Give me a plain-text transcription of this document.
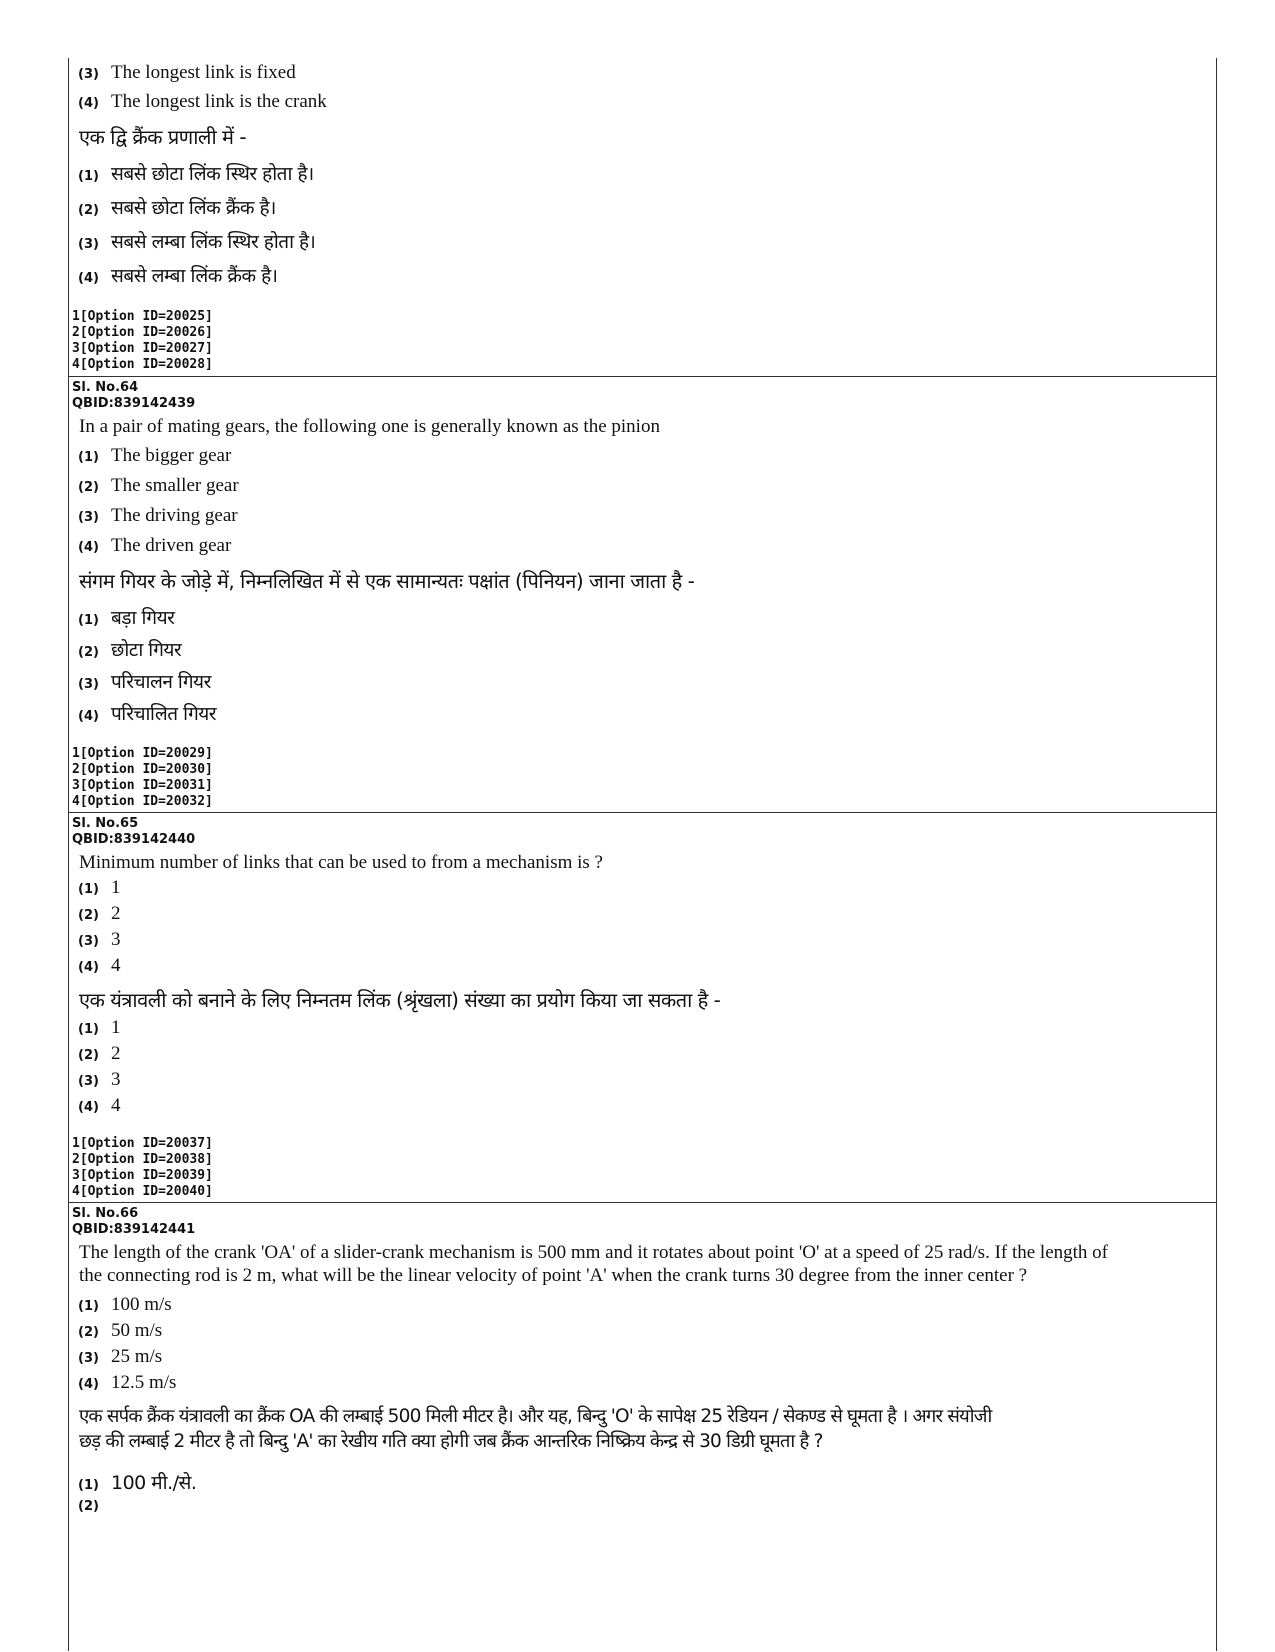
(3) The longest link is fixed
(4) The longest link is the crank
एक द्वि क्रैंक प्रणाली में -
(1) सबसे छोटा लिंक स्थिर होता है।
(2) सबसे छोटा लिंक क्रैंक है।
(3) सबसे लम्बा लिंक स्थिर होता है।
(4) सबसे लम्बा लिंक क्रैंक है।
1[Option ID=20025]
2[Option ID=20026]
3[Option ID=20027]
4[Option ID=20028]
Sl. No.64
QBID:839142439
In a pair of mating gears, the following one is generally known as the pinion
(1) The bigger gear
(2) The smaller gear
(3) The driving gear
(4) The driven gear
संगम गियर के जोड़े में, निम्नलिखित में से एक सामान्यतः पक्षांत (पिनियन) जाना जाता है -
(1) बड़ा गियर
(2) छोटा गियर
(3) परिचालन गियर
(4) परिचालित गियर
1[Option ID=20029]
2[Option ID=20030]
3[Option ID=20031]
4[Option ID=20032]
Sl. No.65
QBID:839142440
Minimum number of links that can be used to from a mechanism is ?
(1) 1
(2) 2
(3) 3
(4) 4
एक यंत्रावली को बनाने के लिए निम्नतम लिंक (श्रृंखला) संख्या का प्रयोग किया जा सकता है -
(1) 1
(2) 2
(3) 3
(4) 4
1[Option ID=20037]
2[Option ID=20038]
3[Option ID=20039]
4[Option ID=20040]
Sl. No.66
QBID:839142441
The length of the crank 'OA' of a slider-crank mechanism is 500 mm and it rotates about point 'O' at a speed of 25 rad/s. If the length of
the connecting rod is 2 m, what will be the linear velocity of point 'A' when the crank turns 30 degree from the inner center ?
(1) 100 m/s
(2) 50 m/s
(3) 25 m/s
(4) 12.5 m/s
एक सर्पक क्रैंक यंत्रावली का क्रैंक OA की लम्बाई 500 मिली मीटर है। और यह, बिन्दु 'O' के सापेक्ष 25 रेडियन / सेकण्ड से घूमता है । अगर संयोजी
छड़ की लम्बाई 2 मीटर है तो बिन्दु 'A' का रेखीय गति क्या होगी जब क्रैंक आन्तरिक निष्क्रिय केन्द्र से 30 डिग्री घूमता है ?
(1) 100 मी./से.
(2)
